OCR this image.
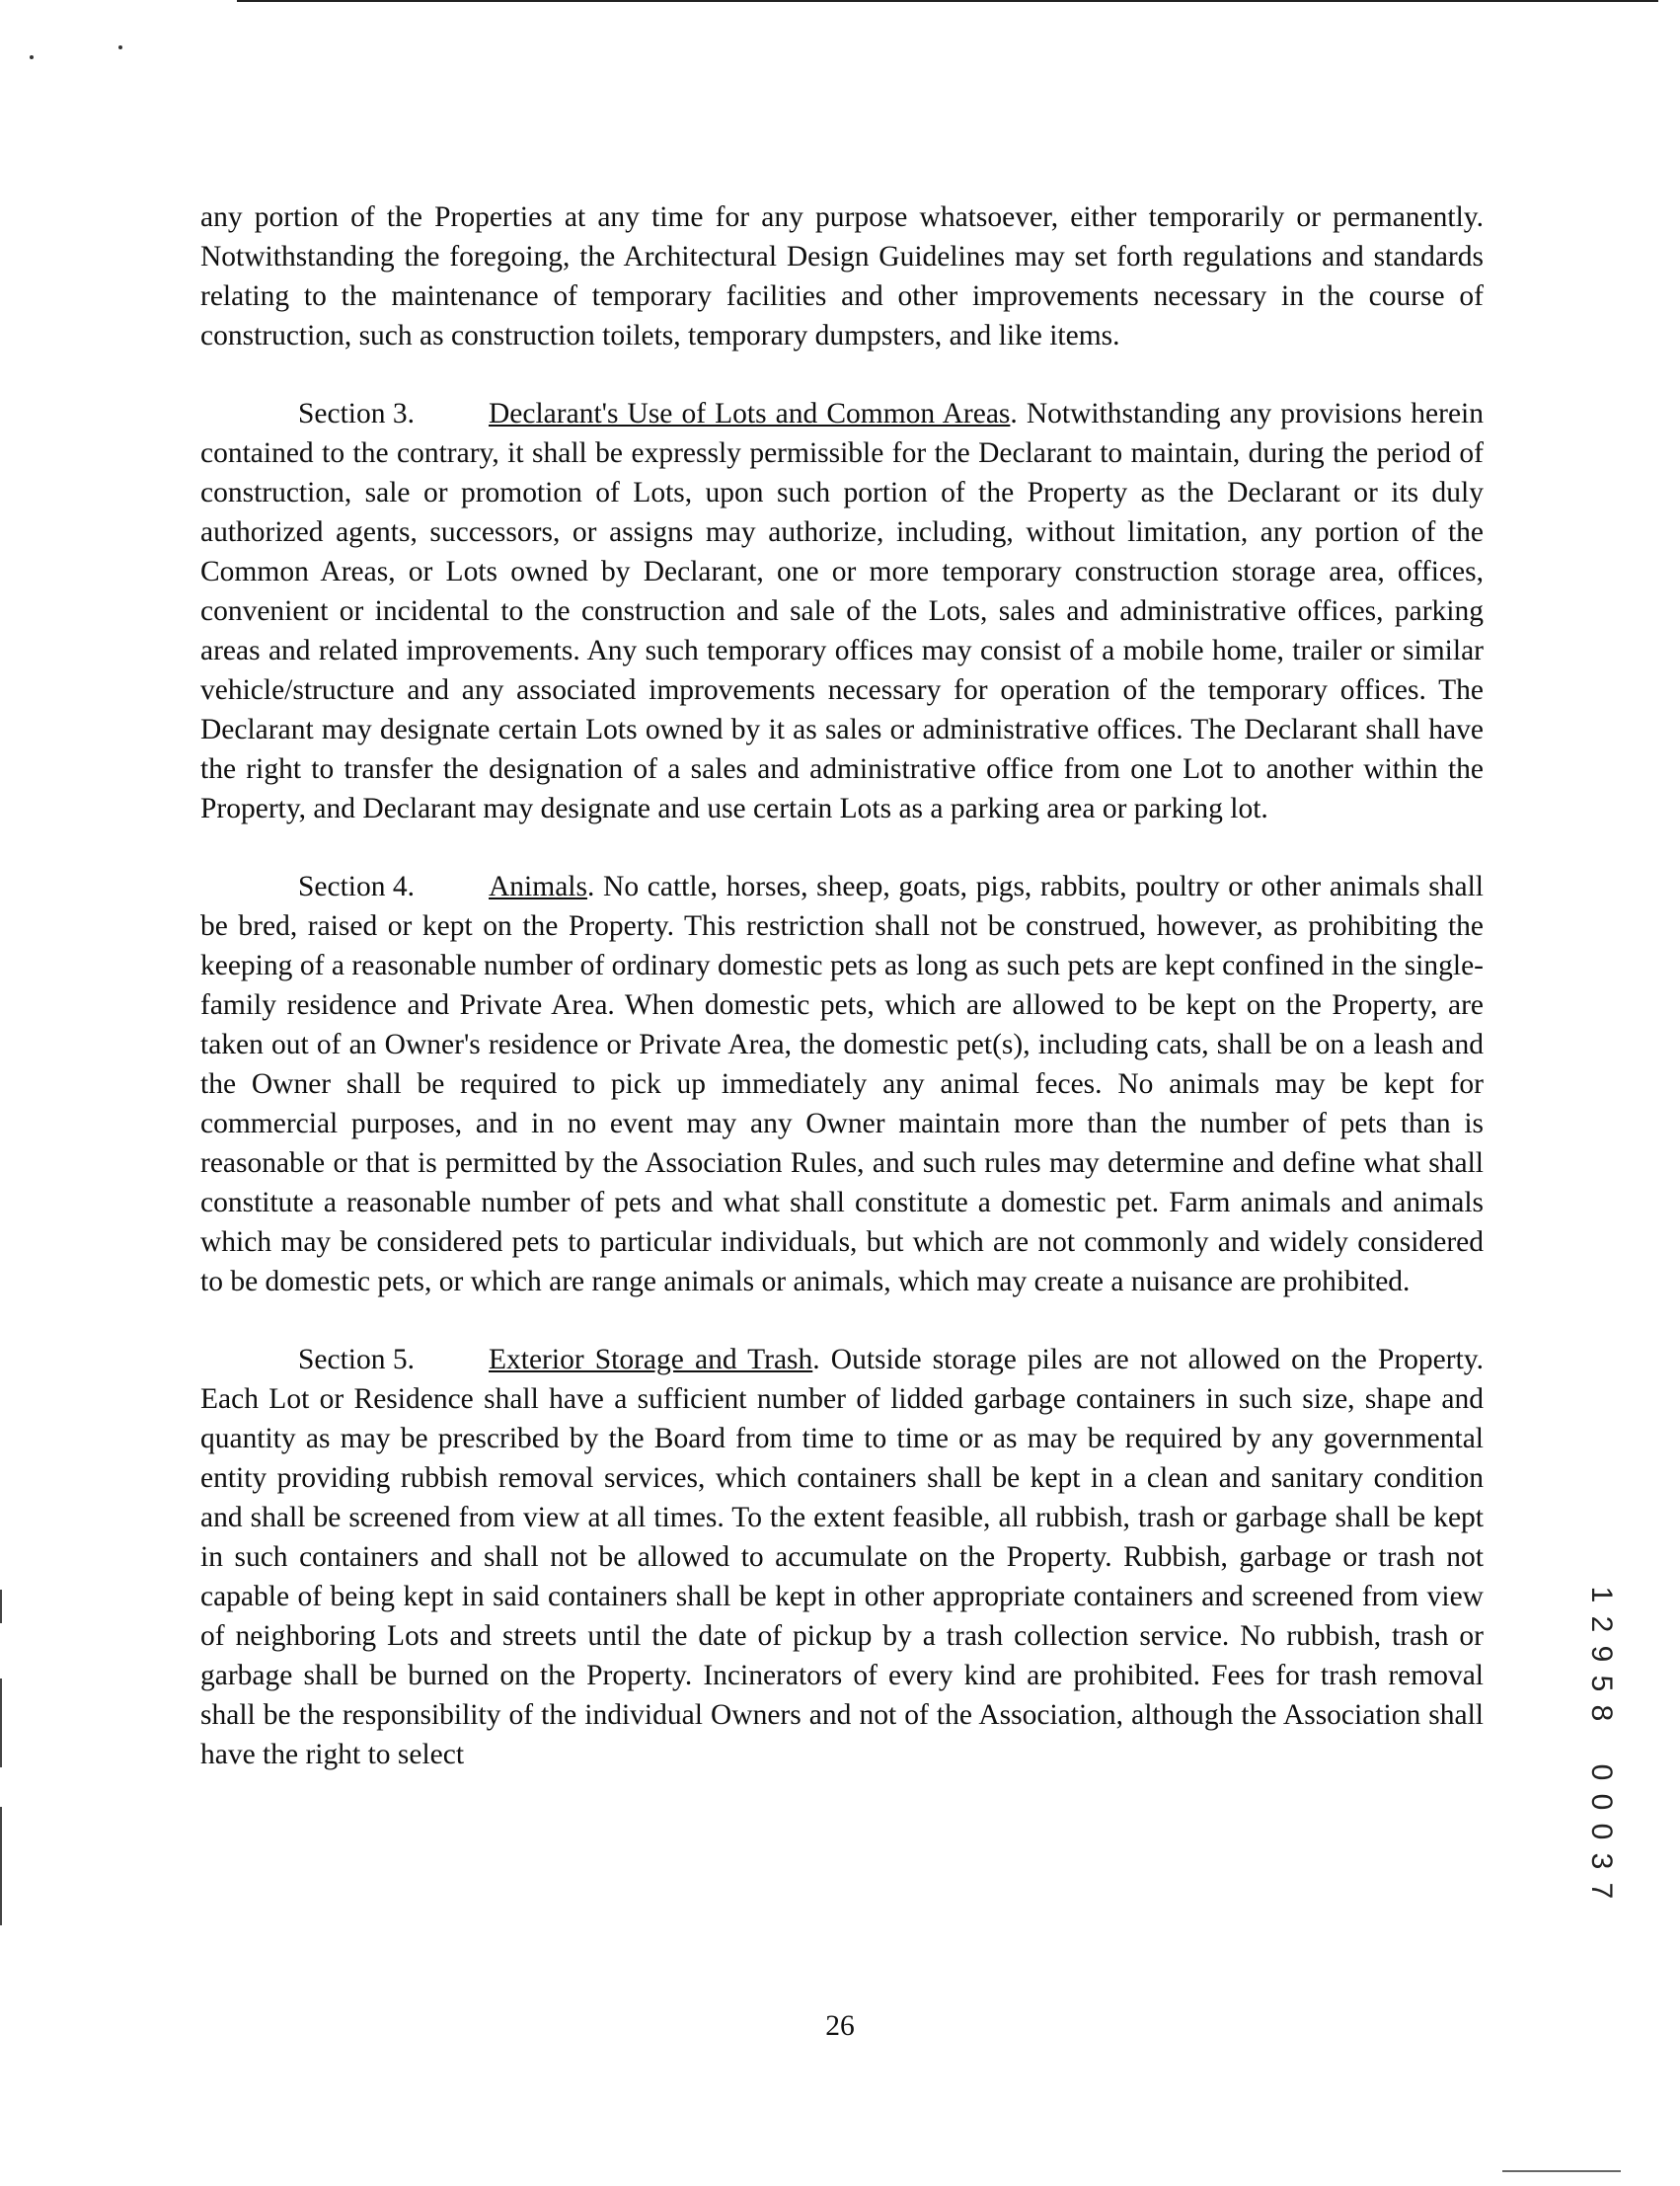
any portion of the Properties at any time for any purpose whatsoever, either temporarily or permanently. Notwithstanding the foregoing, the Architectural Design Guidelines may set forth regulations and standards relating to the maintenance of temporary facilities and other improvements necessary in the course of construction, such as construction toilets, temporary dumpsters, and like items.

Section 3.	Declarant's Use of Lots and Common Areas. Notwithstanding any provisions herein contained to the contrary, it shall be expressly permissible for the Declarant to maintain, during the period of construction, sale or promotion of Lots, upon such portion of the Property as the Declarant or its duly authorized agents, successors, or assigns may authorize, including, without limitation, any portion of the Common Areas, or Lots owned by Declarant, one or more temporary construction storage area, offices, convenient or incidental to the construction and sale of the Lots, sales and administrative offices, parking areas and related improvements. Any such temporary offices may consist of a mobile home, trailer or similar vehicle/structure and any associated improvements necessary for operation of the temporary offices. The Declarant may designate certain Lots owned by it as sales or administrative offices. The Declarant shall have the right to transfer the designation of a sales and administrative office from one Lot to another within the Property, and Declarant may designate and use certain Lots as a parking area or parking lot.

Section 4.	Animals. No cattle, horses, sheep, goats, pigs, rabbits, poultry or other animals shall be bred, raised or kept on the Property. This restriction shall not be construed, however, as prohibiting the keeping of a reasonable number of ordinary domestic pets as long as such pets are kept confined in the single-family residence and Private Area. When domestic pets, which are allowed to be kept on the Property, are taken out of an Owner's residence or Private Area, the domestic pet(s), including cats, shall be on a leash and the Owner shall be required to pick up immediately any animal feces. No animals may be kept for commercial purposes, and in no event may any Owner maintain more than the number of pets than is reasonable or that is permitted by the Association Rules, and such rules may determine and define what shall constitute a reasonable number of pets and what shall constitute a domestic pet. Farm animals and animals which may be considered pets to particular individuals, but which are not commonly and widely considered to be domestic pets, or which are range animals or animals, which may create a nuisance are prohibited.

Section 5.	Exterior Storage and Trash. Outside storage piles are not allowed on the Property. Each Lot or Residence shall have a sufficient number of lidded garbage containers in such size, shape and quantity as may be prescribed by the Board from time to time or as may be required by any governmental entity providing rubbish removal services, which containers shall be kept in a clean and sanitary condition and shall be screened from view at all times. To the extent feasible, all rubbish, trash or garbage shall be kept in such containers and shall not be allowed to accumulate on the Property. Rubbish, garbage or trash not capable of being kept in said containers shall be kept in other appropriate containers and screened from view of neighboring Lots and streets until the date of pickup by a trash collection service. No rubbish, trash or garbage shall be burned on the Property. Incinerators of every kind are prohibited. Fees for trash removal shall be the responsibility of the individual Owners and not of the Association, although the Association shall have the right to select

26
1
2
9
5
8

0
0
0
3
7
